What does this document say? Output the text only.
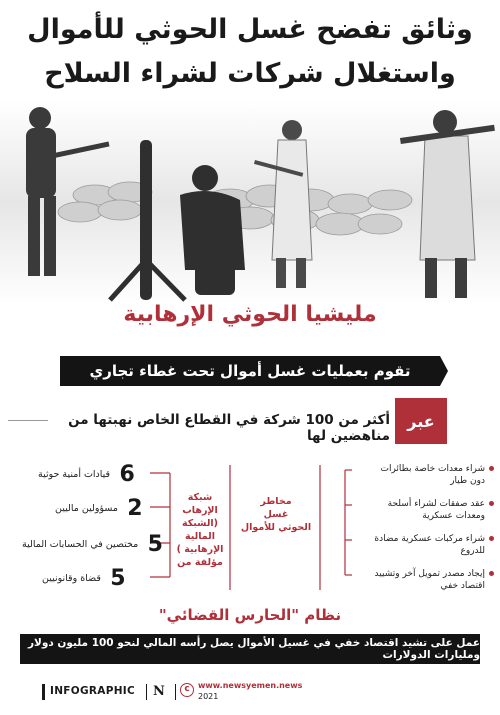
وثائق تفضح غسل الحوثي للأموال
واستغلال شركات لشراء السلاح
مليشيا الحوثي الإرهابية
تقوم بعمليات غسل أموال تحت غطاء تجاري
أكثر من 100 شركة في القطاع الخاص نهبتها من مناهضين لها
عبر
6
قيادات أمنية حوثية
2
مسؤولين ماليين
5
مختصين في الحسابات المالية
5
قضاة وقانونيين
شبكة الإرهاب
(الشبكة
المالية الإرهابية )
مؤلفة من
مخاطر
غسل
الحوثي للأموال
شراء معدات خاصة بطائرات
دون طيار
عقد صفقات لشراء أسلحة
ومعدات عسكرية
شراء مركبات عسكرية مضادة
للدروع
إيجاد مصدر تمويل آخر وتشييد
اقتصاد خفي
نظام "الحارس القضائي"
عمل على تشيد اقتصاد خفي في غسيل الأموال يصل رأسه المالي لنحو 100 مليون دولار ومليارات الدولارات
INFOGRAPHIC N	c	www.newsyemen.news
2021
